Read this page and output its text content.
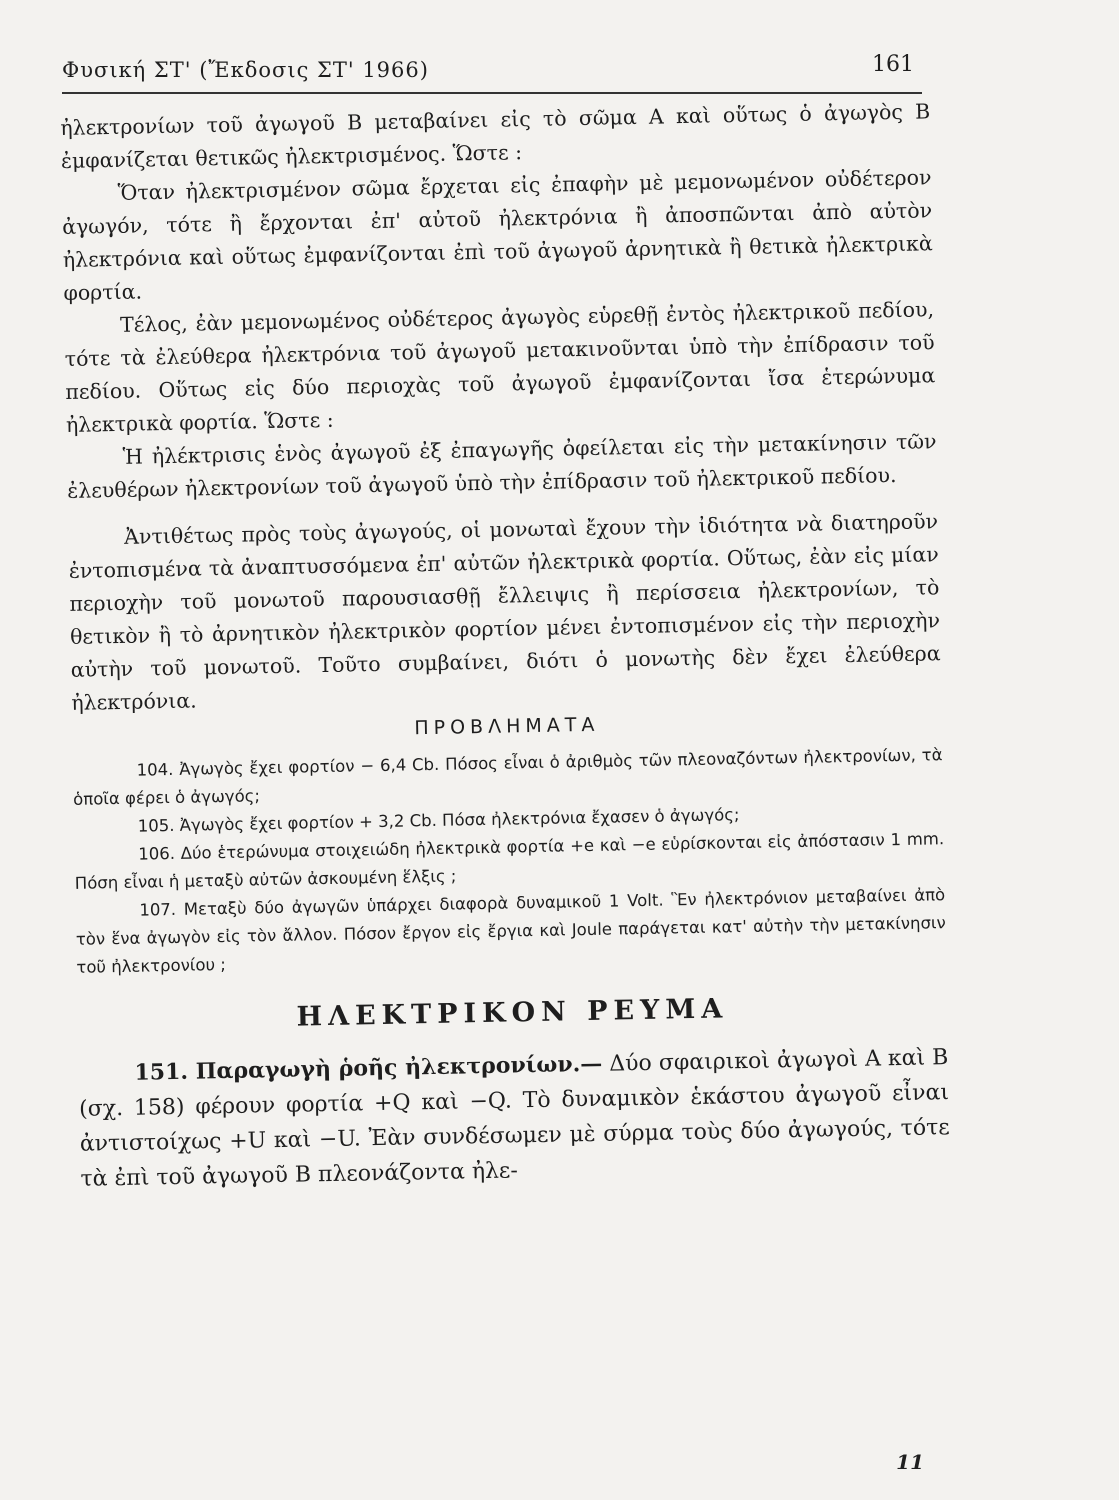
Φυσική ΣΤ' (Ἔκδοσις ΣΤ' 1966)	161

ἠλεκτρονίων τοῦ ἀγωγοῦ Β μεταβαίνει εἰς τὸ σῶμα Α καὶ οὕτως ὁ ἀγωγὸς Β ἐμφανίζεται θετικῶς ἠλεκτρισμένος. Ὥστε :

Ὅταν ἠλεκτρισμένον σῶμα ἔρχεται εἰς ἐπαφὴν μὲ μεμονωμένον οὐδέτερον ἀγωγόν, τότε ἢ ἔρχονται ἐπ' αὐτοῦ ἠλεκτρόνια ἢ ἀποσπῶνται ἀπὸ αὐτὸν ἠλεκτρόνια καὶ οὕτως ἐμφανίζονται ἐπὶ τοῦ ἀγωγοῦ ἀρνητικὰ ἢ θετικὰ ἠλεκτρικὰ φορτία.

Τέλος, ἐὰν μεμονωμένος οὐδέτερος ἀγωγὸς εὑρεθῇ ἐντὸς ἠλεκτρικοῦ πεδίου, τότε τὰ ἐλεύθερα ἠλεκτρόνια τοῦ ἀγωγοῦ μετακινοῦνται ὑπὸ τὴν ἐπίδρασιν τοῦ πεδίου. Οὕτως εἰς δύο περιοχὰς τοῦ ἀγωγοῦ ἐμφανίζονται ἴσα ἑτερώνυμα ἠλεκτρικὰ φορτία. Ὥστε :

Ἡ ἠλέκτρισις ἑνὸς ἀγωγοῦ ἐξ ἐπαγωγῆς ὀφείλεται εἰς τὴν μετακίνησιν τῶν ἐλευθέρων ἠλεκτρονίων τοῦ ἀγωγοῦ ὑπὸ τὴν ἐπίδρασιν τοῦ ἠλεκτρικοῦ πεδίου.

Ἀντιθέτως πρὸς τοὺς ἀγωγούς, οἱ μονωταὶ ἔχουν τὴν ἰδιότητα νὰ διατηροῦν ἐντοπισμένα τὰ ἀναπτυσσόμενα ἐπ' αὐτῶν ἠλεκτρικὰ φορτία. Οὕτως, ἐὰν εἰς μίαν περιοχὴν τοῦ μονωτοῦ παρουσιασθῇ ἔλλειψις ἢ περίσσεια ἠλεκτρονίων, τὸ θετικὸν ἢ τὸ ἀρνητικὸν ἠλεκτρικὸν φορτίον μένει ἐντοπισμένον εἰς τὴν περιοχὴν αὐτὴν τοῦ μονωτοῦ. Τοῦτο συμβαίνει, διότι ὁ μονωτὴς δὲν ἔχει ἐλεύθερα ἠλεκτρόνια.

ΠΡΟΒΛΗΜΑΤΑ

104. Ἀγωγὸς ἔχει φορτίον − 6,4 Cb. Πόσος εἶναι ὁ ἀριθμὸς τῶν πλεοναζόντων ἠλεκτρονίων, τὰ ὁποῖα φέρει ὁ ἀγωγός;

105. Ἀγωγὸς ἔχει φορτίον + 3,2 Cb. Πόσα ἠλεκτρόνια ἔχασεν ὁ ἀγωγός;

106. Δύο ἑτερώνυμα στοιχειώδη ἠλεκτρικὰ φορτία +e καὶ −e εὑρίσκονται εἰς ἀπόστασιν 1 mm. Πόση εἶναι ἡ μεταξὺ αὐτῶν ἀσκουμένη ἕλξις ;

107. Μεταξὺ δύο ἀγωγῶν ὑπάρχει διαφορὰ δυναμικοῦ 1 Volt. Ἓν ἠλεκτρόνιον μεταβαίνει ἀπὸ τὸν ἕνα ἀγωγὸν εἰς τὸν ἄλλον. Πόσον ἔργον εἰς ἔργια καὶ Joule παράγεται κατ' αὐτὴν τὴν μετακίνησιν τοῦ ἠλεκτρονίου ;

ΗΛΕΚΤΡΙΚΟΝ ΡΕΥΜΑ

151. Παραγωγὴ ῥοῆς ἠλεκτρονίων.— Δύο σφαιρικοὶ ἀγωγοὶ Α καὶ Β (σχ. 158) φέρουν φορτία +Q καὶ −Q. Τὸ δυναμικὸν ἑκάστου ἀγωγοῦ εἶναι ἀντιστοίχως +U καὶ −U. Ἐὰν συνδέσωμεν μὲ σύρμα τοὺς δύο ἀγωγούς, τότε τὰ ἐπὶ τοῦ ἀγωγοῦ Β πλεονάζοντα ἠλε-

11
